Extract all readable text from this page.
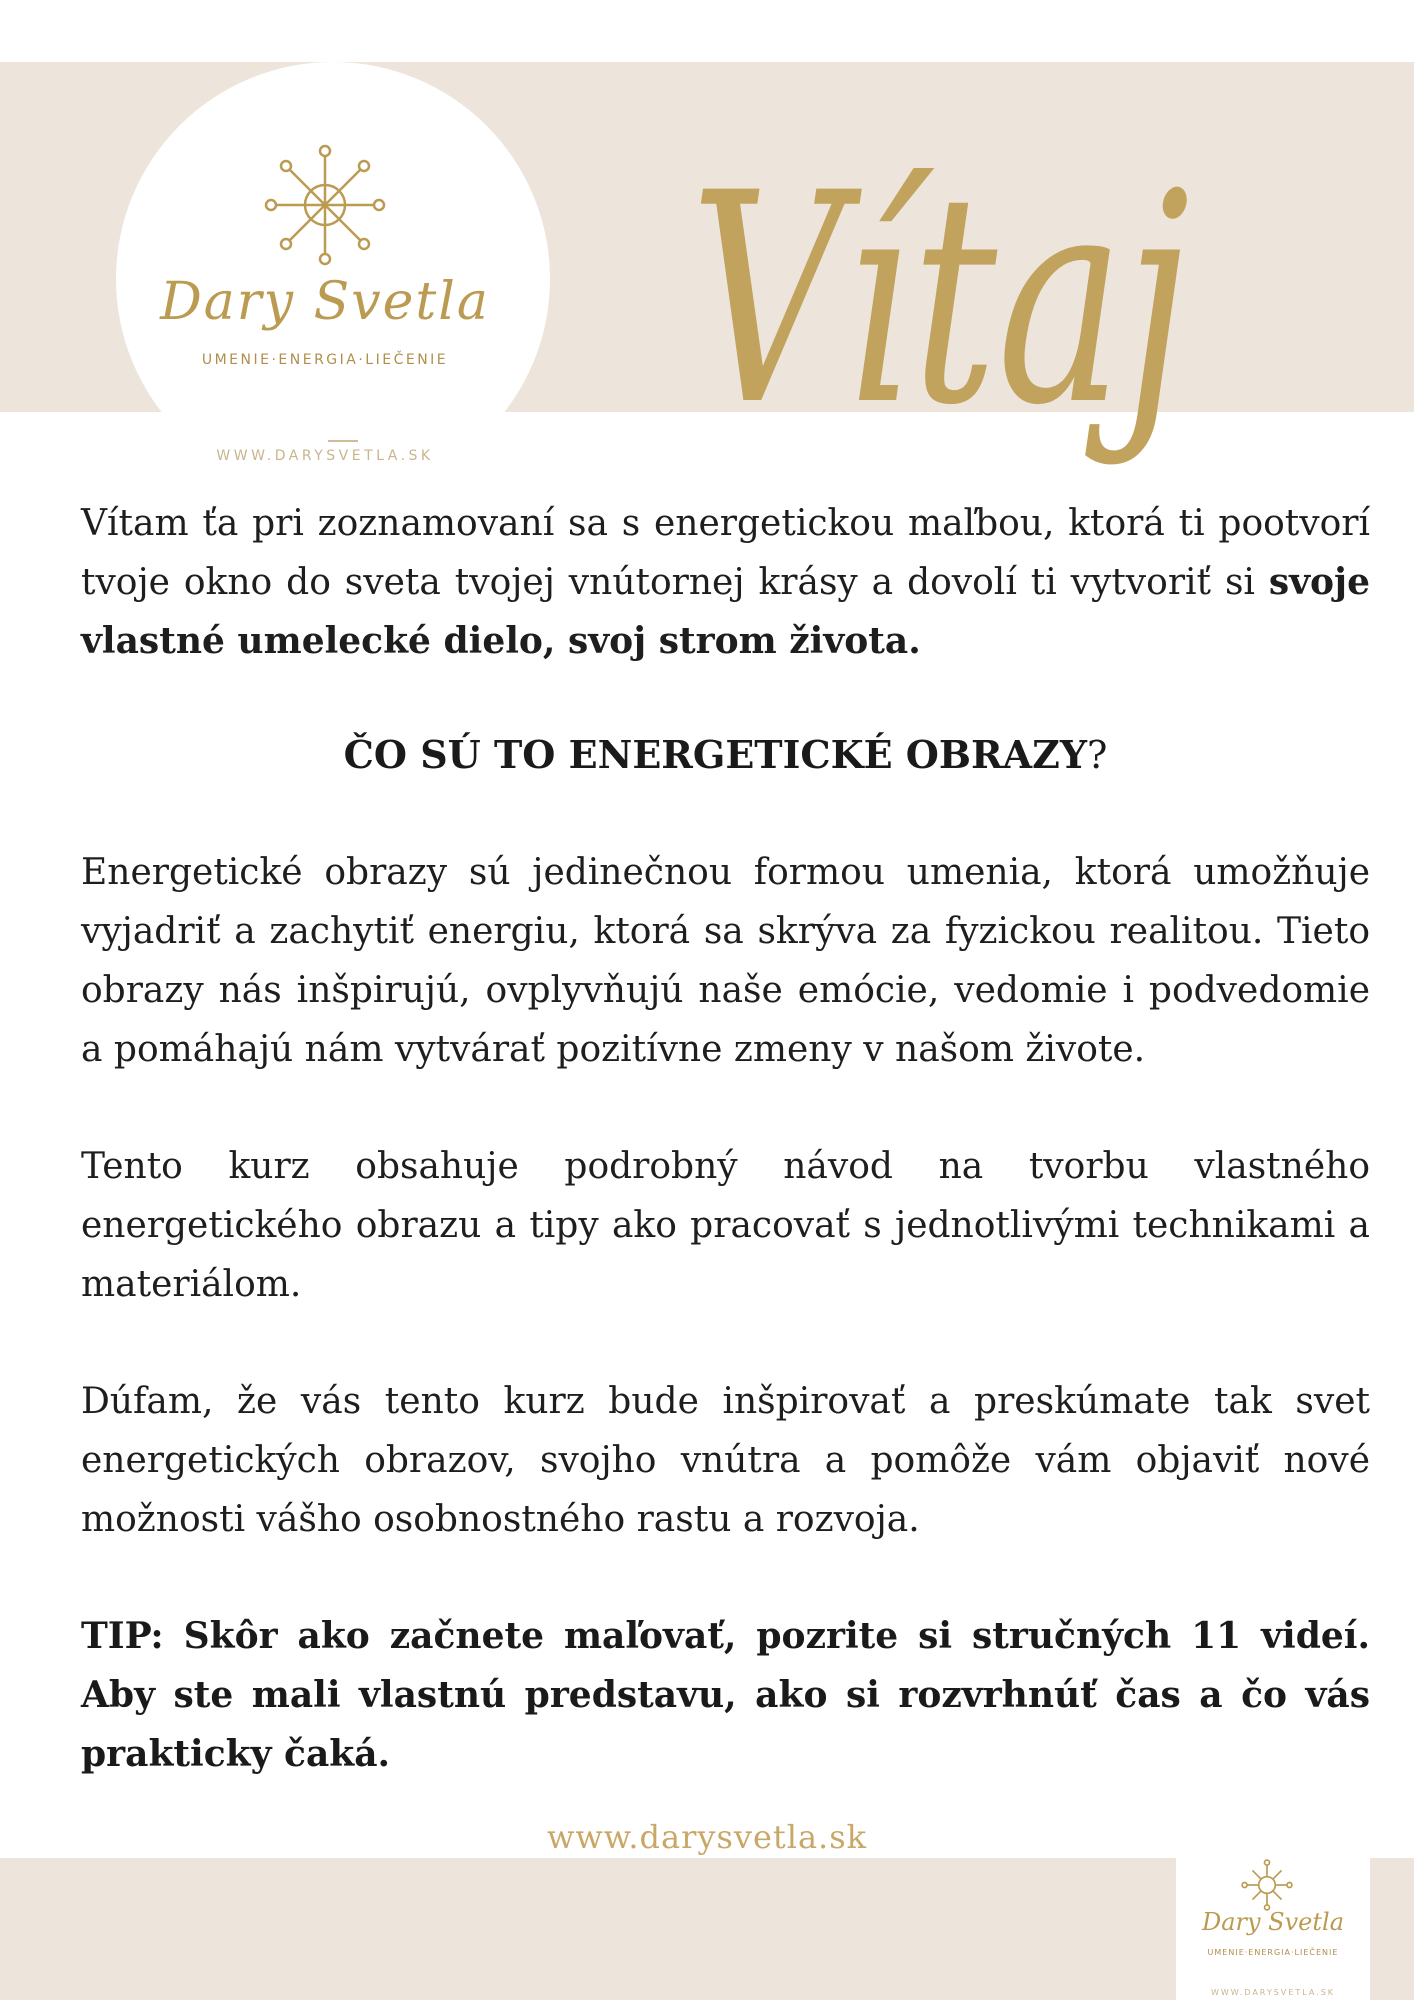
Dary Svetla
UMENIE·ENERGIA·LIEČENIE
WWW.DARYSVETLA.SK Vítaj

Vítam ťa pri zoznamovaní sa s energetickou maľbou, ktorá ti pootvorí tvoje okno do sveta tvojej vnútornej krásy a dovolí ti vytvoriť si svoje vlastné umelecké dielo, svoj strom života.

ČO SÚ TO ENERGETICKÉ OBRAZY?

Energetické obrazy sú jedinečnou formou umenia, ktorá umožňuje vyjadriť a zachytiť energiu, ktorá sa skrýva za fyzickou realitou. Tieto obrazy nás inšpirujú, ovplyvňujú naše emócie, vedomie i podvedomie a pomáhajú nám vytvárať pozitívne zmeny v našom živote.

Tento kurz obsahuje podrobný návod na tvorbu vlastného energetického obrazu a tipy ako pracovať s jednotlivými technikami a materiálom.

Dúfam, že vás tento kurz bude inšpirovať a preskúmate tak svet energetických obrazov, svojho vnútra a pomôže vám objaviť nové možnosti vášho osobnostného rastu a rozvoja.

TIP: Skôr ako začnete maľovať, pozrite si stručných 11 videí. Aby ste mali vlastnú predstavu, ako si rozvrhnúť čas a čo vás prakticky čaká.

www.darysvetla.sk
Dary Svetla
UMENIE·ENERGIA·LIEČENIE
WWW.DARYSVETLA.SK
